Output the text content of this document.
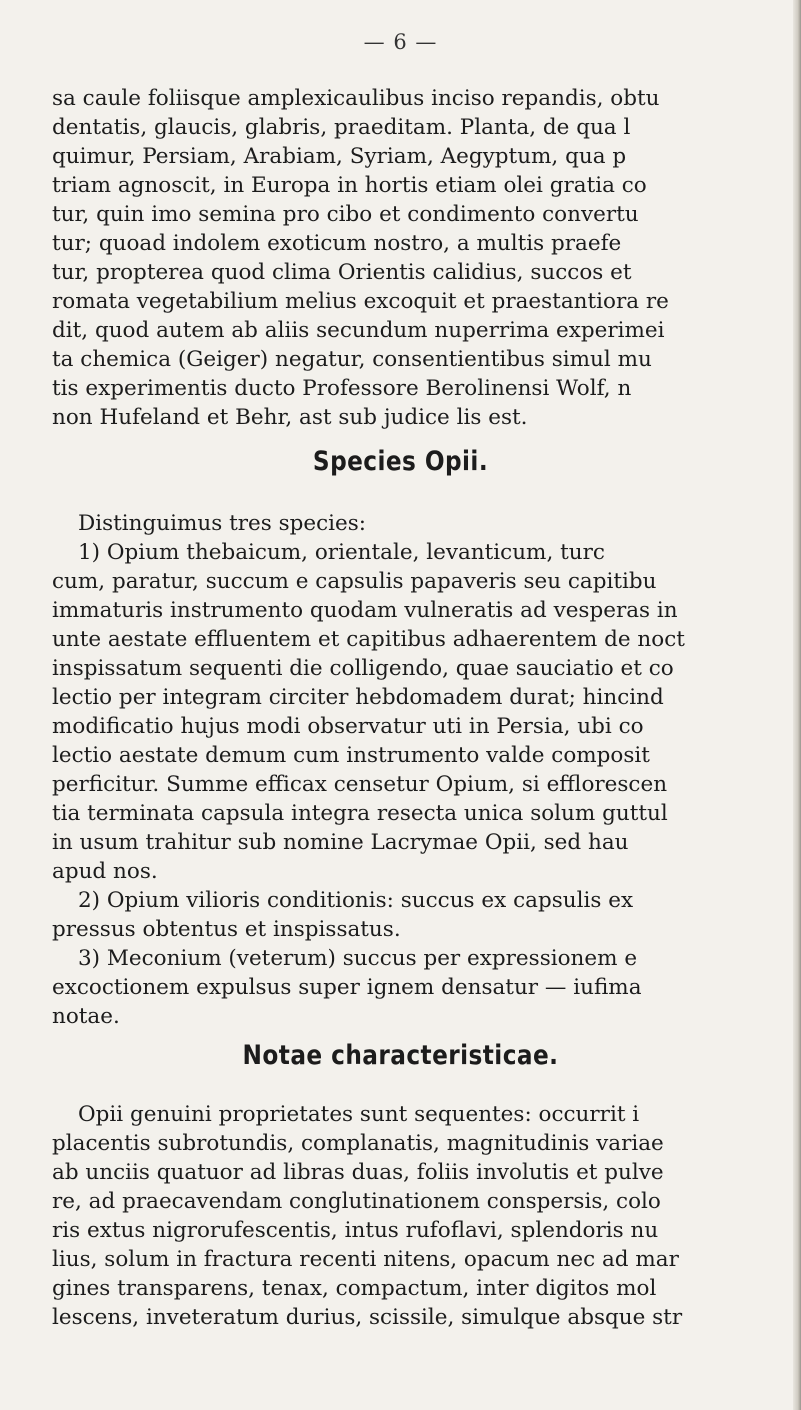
— 6 —
sa caule foliisque amplexicaulibus inciso repandis, obtu
dentatis, glaucis, glabris, praeditam. Planta, de qua l
quimur, Persiam, Arabiam, Syriam, Aegyptum, qua p
triam agnoscit, in Europa in hortis etiam olei gratia co
tur, quin imo semina pro cibo et condimento convertu
tur; quoad indolem exoticum nostro, a multis praefe
tur, propterea quod clima Orientis calidius, succos et
romata vegetabilium melius excoquit et praestantiora re
dit, quod autem ab aliis secundum nuperrima experimei
ta chemica (Geiger) negatur, consentientibus simul mu
tis experimentis ducto Professore Berolinensi Wolf, n
non Hufeland et Behr, ast sub judice lis est.
Species Opii.
Distinguimus tres species:
1) Opium thebaicum, orientale, levanticum, turc
cum, paratur, succum e capsulis papaveris seu capitibu
immaturis instrumento quodam vulneratis ad vesperas in
unte aestate effluentem et capitibus adhaerentem de noct
inspissatum sequenti die colligendo, quae sauciatio et co
lectio per integram circiter hebdomadem durat; hincind
modificatio hujus modi observatur uti in Persia, ubi co
lectio aestate demum cum instrumento valde composit
perficitur. Summe efficax censetur Opium, si efflorescen
tia terminata capsula integra resecta unica solum guttul
in usum trahitur sub nomine Lacrymae Opii, sed hau
apud nos.
2) Opium vilioris conditionis: succus ex capsulis ex
pressus obtentus et inspissatus.
3) Meconium (veterum) succus per expressionem e
excoctionem expulsus super ignem densatur — iufima
notae.
Notae characteristicae.
Opii genuini proprietates sunt sequentes: occurrit i
placentis subrotundis, complanatis, magnitudinis variae
ab unciis quatuor ad libras duas, foliis involutis et pulve
re, ad praecavendam conglutinationem conspersis, colo
ris extus nigrorufescentis, intus rufoflavi, splendoris nu
lius, solum in fractura recenti nitens, opacum nec ad mar
gines transparens, tenax, compactum, inter digitos mol
lescens, inveteratum durius, scissile, simulque absque str
